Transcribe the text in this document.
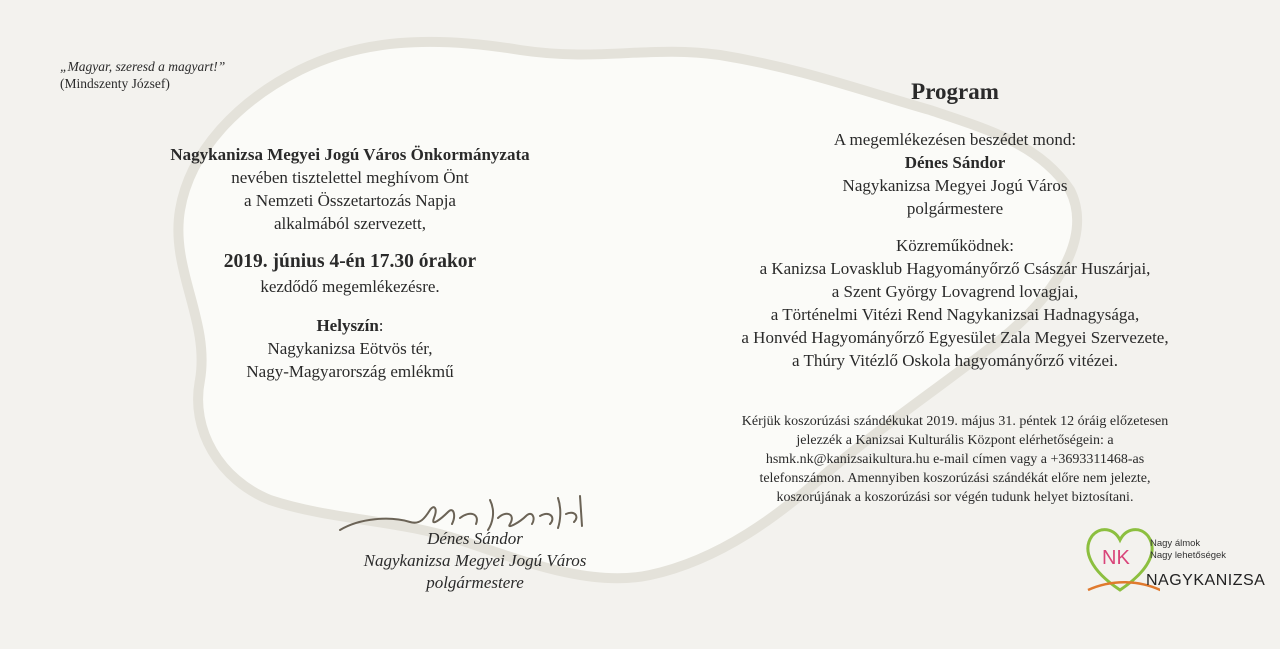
„Magyar, szeresd a magyart!”
(Mindszenty József)
Nagykanizsa Megyei Jogú Város Önkormányzata
nevében tisztelettel meghívom Önt
a Nemzeti Összetartozás Napja
alkalmából szervezett,
2019. június 4-én 17.30 órakor
kezdődő megemlékezésre.
Helyszín:
Nagykanizsa Eötvös tér,
Nagy-Magyarország emlékmű
Dénes Sándor
Nagykanizsa Megyei Jogú Város
polgármestere
Program
A megemlékezésen beszédet mond:
Dénes Sándor
Nagykanizsa Megyei Jogú Város
polgármestere
Közreműködnek:
a Kanizsa Lovasklub Hagyományőrző Császár Huszárjai,
a Szent György Lovagrend lovagjai,
a Történelmi Vitézi Rend Nagykanizsai Hadnagysága,
a Honvéd Hagyományőrző Egyesület Zala Megyei Szervezete,
a Thúry Vitézlő Oskola hagyományőrző vitézei.
Kérjük koszorúzási szándékukat 2019. május 31. péntek 12 óráig előzetesen
jelezzék a Kanizsai Kulturális Központ elérhetőségein: a
hsmk.nk@kanizsaikultura.hu e-mail címen vagy a +3693311468-as
telefonszámon. Amennyiben koszorúzási szándékát előre nem jelezte,
koszorújának a koszorúzási sor végén tudunk helyet biztosítani.
NK
Nagy álmok
Nagy lehetőségek
NAGYKANIZSA
